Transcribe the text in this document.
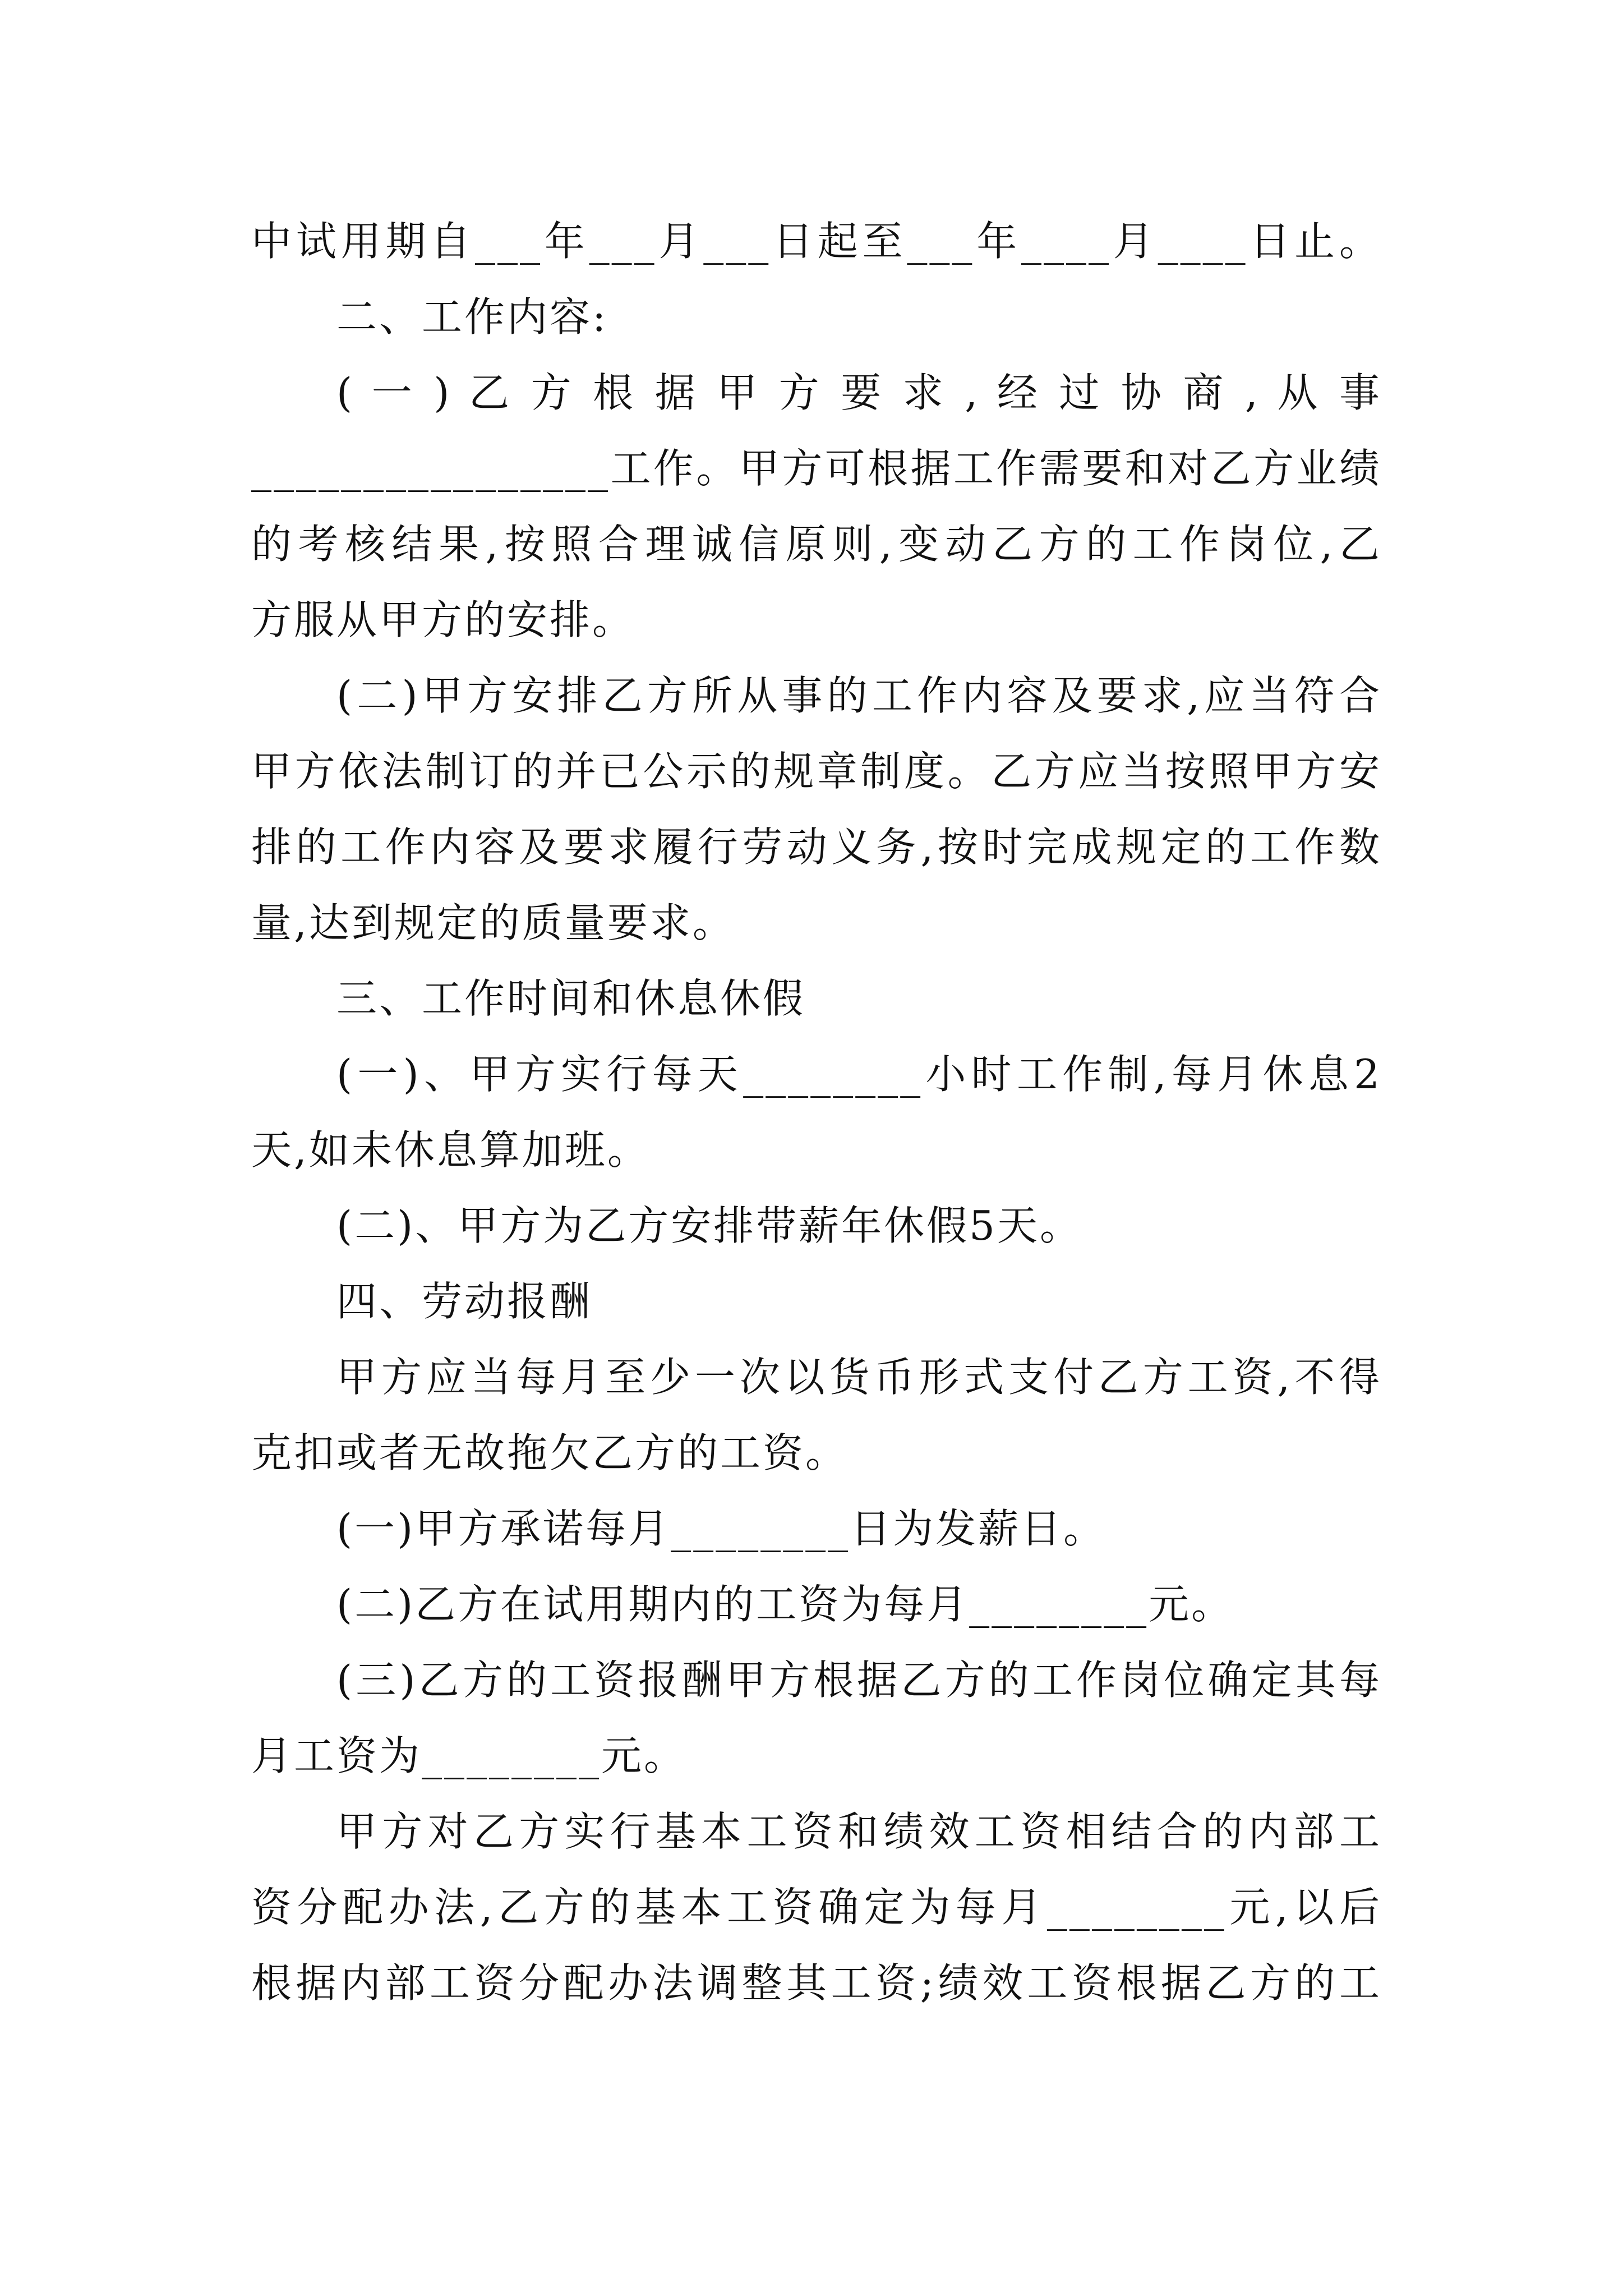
中试用期自___年___月___日起至___年____月____日止。
二、工作内容:
( 一 ) 乙 方 根 据 甲 方 要 求 , 经 过 协 商 , 从 事
________________工作。甲方可根据工作需要和对乙方业绩
的考核结果,按照合理诚信原则,变动乙方的工作岗位,乙
方服从甲方的安排。
(二)甲方安排乙方所从事的工作内容及要求,应当符合
甲方依法制订的并已公示的规章制度。乙方应当按照甲方安
排的工作内容及要求履行劳动义务,按时完成规定的工作数
量,达到规定的质量要求。
三、工作时间和休息休假
(一)、甲方实行每天________小时工作制,每月休息2
天,如未休息算加班。
(二)、甲方为乙方安排带薪年休假5天。
四、劳动报酬
甲方应当每月至少一次以货币形式支付乙方工资,不得
克扣或者无故拖欠乙方的工资。
(一)甲方承诺每月________日为发薪日。
(二)乙方在试用期内的工资为每月________元。
(三)乙方的工资报酬甲方根据乙方的工作岗位确定其每
月工资为________元。
甲方对乙方实行基本工资和绩效工资相结合的内部工
资分配办法,乙方的基本工资确定为每月________元,以后
根据内部工资分配办法调整其工资;绩效工资根据乙方的工
